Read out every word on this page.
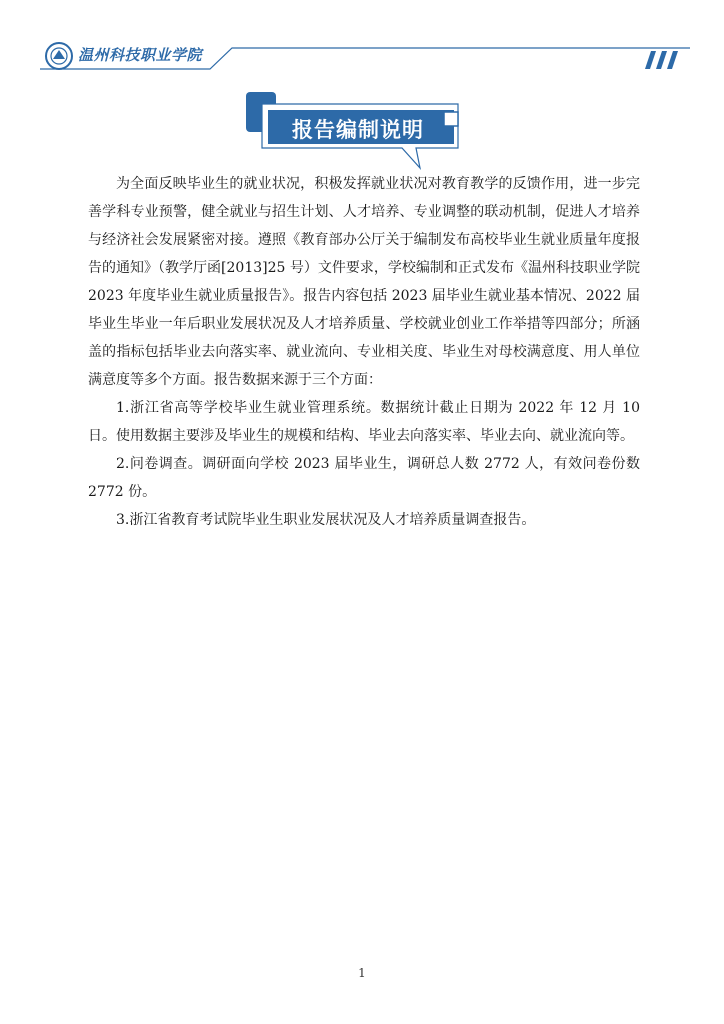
温州科技职业学院
报告编制说明

为全面反映毕业生的就业状况，积极发挥就业状况对教育教学的反馈作用，进一步完善学科专业预警，健全就业与招生计划、人才培养、专业调整的联动机制，促进人才培养与经济社会发展紧密对接。遵照《教育部办公厅关于编制发布高校毕业生就业质量年度报告的通知》（教学厅函[2013]25 号）文件要求，学校编制和正式发布《温州科技职业学院 2023 年度毕业生就业质量报告》。报告内容包括 2023 届毕业生就业基本情况、2022 届毕业生毕业一年后职业发展状况及人才培养质量、学校就业创业工作举措等四部分；所涵盖的指标包括毕业去向落实率、就业流向、专业相关度、毕业生对母校满意度、用人单位满意度等多个方面。报告数据来源于三个方面：

1.浙江省高等学校毕业生就业管理系统。数据统计截止日期为 2022 年 12 月 10 日。使用数据主要涉及毕业生的规模和结构、毕业去向落实率、毕业去向、就业流向等。

2.问卷调查。调研面向学校 2023 届毕业生，调研总人数 2772 人，有效问卷份数 2772 份。

3.浙江省教育考试院毕业生职业发展状况及人才培养质量调查报告。

1
